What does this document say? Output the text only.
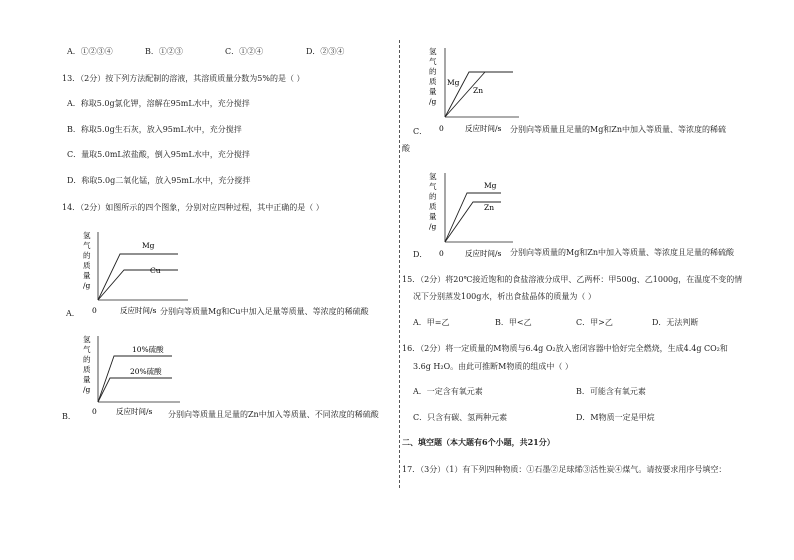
A．①②③④	B．①②③	C．①②④	D．②③④
13．（2分）按下列方法配制的溶液，其溶质质量分数为5%的是（ ）
A．称取5.0g氯化钾，溶解在95mL水中，充分搅拌
B．称取5.0g生石灰，放入95mL水中，充分搅拌
C．量取5.0mL浓盐酸，倒入95mL水中，充分搅拌
D．称取5.0g二氧化锰，放入95mL水中，充分搅拌
14．（2分）如图所示的四个图象，分别对应四种过程，其中正确的是（ ）
氢
气
的
质
量
/g
Mg
Cu
0	反应时间/s
A．	分别向等质量Mg和Cu中加入足量等质量、等浓度的稀硫酸
氢
气
的
质
量
/g
10%硫酸
20%硫酸
0	反应时间/s
B．	分别向等质量且足量的Zn中加入等质量、不同浓度的稀硫酸
氢
气
的
质
量
/g
Mg
Zn
0	反应时间/s
C．	分别向等质量且足量的Mg和Zn中加入等质量、等浓度的稀硫
酸
氢
气
的
质
量
/g
Mg
Zn
0	反应时间/s
D．	分别向等质量的Mg和Zn中加入等质量、等浓度且足量的稀硫酸
15．（2分）将20℃接近饱和的食盐溶液分成甲、乙两杯：甲500g、乙1000g，在温度不变的情
况下分别蒸发100g水，析出食盐晶体的质量为（ ）
A．甲=乙	B．甲<乙	C．甲>乙	D．无法判断
16．（2分）将一定质量的M物质与6.4g O₂放入密闭容器中恰好完全燃烧，生成4.4g CO₂和
3.6g H₂O。由此可推断M物质的组成中（ ）
A．一定含有氧元素	B．可能含有氧元素
C．只含有碳、氢两种元素	D．M物质一定是甲烷
二、填空题（本大题有6个小题，共21分）
17．（3分）（1）有下列四种物质：①石墨②足球烯③活性炭④煤气。请按要求用序号填空：
